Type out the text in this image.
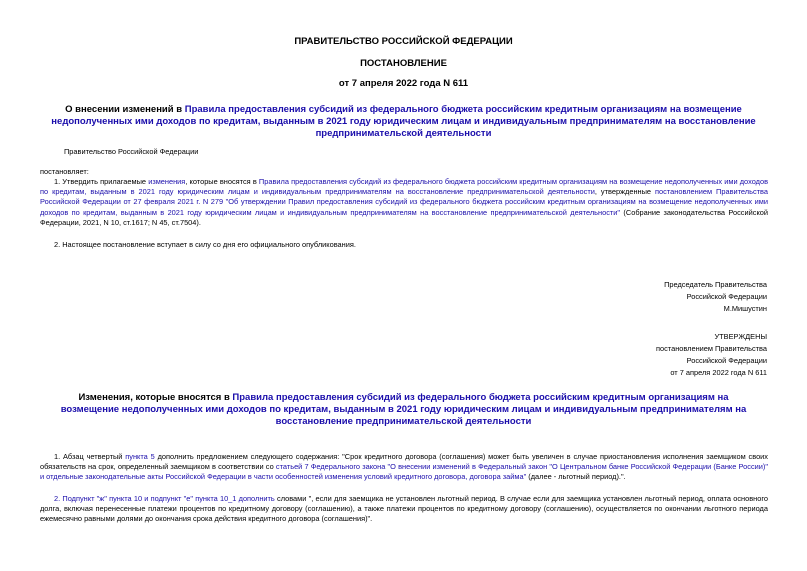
ПРАВИТЕЛЬСТВО РОССИЙСКОЙ ФЕДЕРАЦИИ
ПОСТАНОВЛЕНИЕ
от 7 апреля 2022 года N 611
О внесении изменений в Правила предоставления субсидий из федерального бюджета российским кредитным организациям на возмещение недополученных ими доходов по кредитам, выданным в 2021 году юридическим лицам и индивидуальным предпринимателям на восстановление предпринимательской деятельности
Правительство Российской Федерации
постановляет:
1. Утвердить прилагаемые изменения, которые вносятся в Правила предоставления субсидий из федерального бюджета российским кредитным организациям на возмещение недополученных ими доходов по кредитам, выданным в 2021 году юридическим лицам и индивидуальным предпринимателям на восстановление предпринимательской деятельности, утвержденные постановлением Правительства Российской Федерации от 27 февраля 2021 г. N 279 "Об утверждении Правил предоставления субсидий из федерального бюджета российским кредитным организациям на возмещение недополученных ими доходов по кредитам, выданным в 2021 году юридическим лицам и индивидуальным предпринимателям на восстановление предпринимательской деятельности" (Собрание законодательства Российской Федерации, 2021, N 10, ст.1617; N 45, ст.7504).
2. Настоящее постановление вступает в силу со дня его официального опубликования.
Председатель Правительства
Российской Федерации
М.Мишустин
УТВЕРЖДЕНЫ
постановлением Правительства
Российской Федерации
от 7 апреля 2022 года N 611
Изменения, которые вносятся в Правила предоставления субсидий из федерального бюджета российским кредитным организациям на возмещение недополученных ими доходов по кредитам, выданным в 2021 году юридическим лицам и индивидуальным предпринимателям на восстановление предпринимательской деятельности
1. Абзац четвертый пункта 5 дополнить предложением следующего содержания: "Срок кредитного договора (соглашения) может быть увеличен в случае приостановления исполнения заемщиком своих обязательств на срок, определенный заемщиком в соответствии со статьей 7 Федерального закона "О внесении изменений в Федеральный закон "О Центральном банке Российской Федерации (Банке России)" и отдельные законодательные акты Российской Федерации в части особенностей изменения условий кредитного договора, договора займа" (далее - льготный период).".
2. Подпункт "ж" пункта 10 и подпункт "е" пункта 10_1 дополнить словами ", если для заемщика не установлен льготный период. В случае если для заемщика установлен льготный период, оплата основного долга, включая перенесенные платежи процентов по кредитному договору (соглашению), а также платежи процентов по кредитному договору (соглашению), осуществляется по окончании льготного периода ежемесячно равными долями до окончания срока действия кредитного договора (соглашения)".
